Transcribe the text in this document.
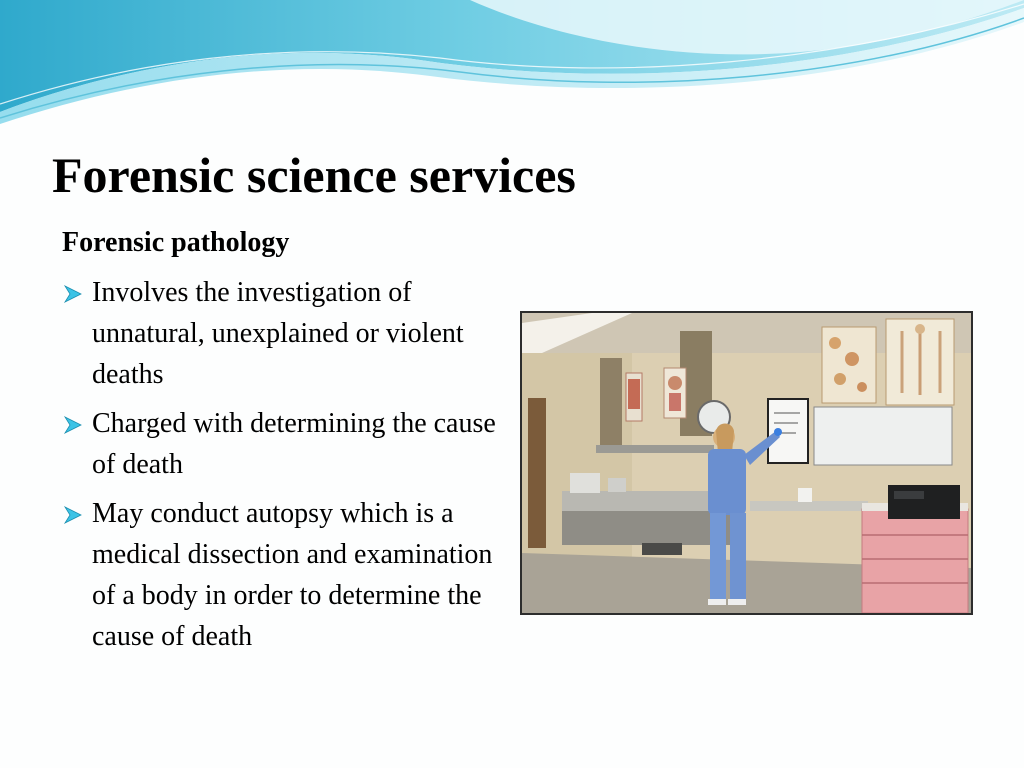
Forensic science services
Forensic pathology
Involves the investigation of unnatural, unexplained or violent deaths
Charged with determining the cause of death
May conduct autopsy which is a medical dissection and examination of a body in order to determine the cause of death
